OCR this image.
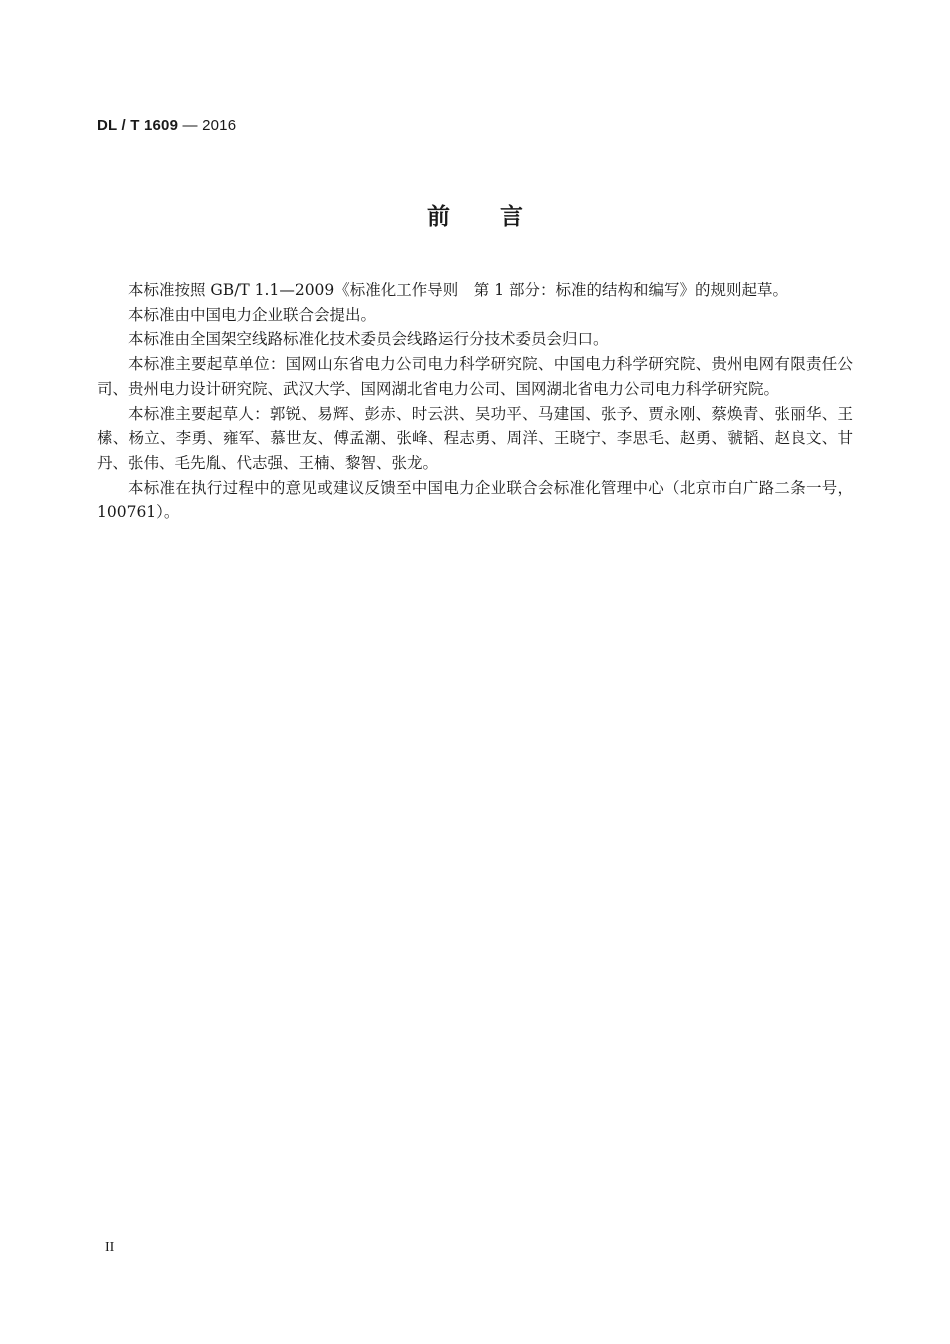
DL / T 1609 — 2016
前言

本标准按照 GB/T 1.1—2009《标准化工作导则　第 1 部分：标准的结构和编写》的规则起草。

本标准由中国电力企业联合会提出。

本标准由全国架空线路标准化技术委员会线路运行分技术委员会归口。

本标准主要起草单位：国网山东省电力公司电力科学研究院、中国电力科学研究院、贵州电网有限责任公司、贵州电力设计研究院、武汉大学、国网湖北省电力公司、国网湖北省电力公司电力科学研究院。

本标准主要起草人：郭锐、易辉、彭赤、时云洪、吴功平、马建国、张予、贾永刚、蔡焕青、张丽华、王榡、杨立、李勇、雍军、慕世友、傅孟潮、张峰、程志勇、周洋、王晓宁、李思毛、赵勇、虢韬、赵良文、甘丹、张伟、毛先胤、代志强、王楠、黎智、张龙。

本标准在执行过程中的意见或建议反馈至中国电力企业联合会标准化管理中心（北京市白广路二条一号，100761）。

II
